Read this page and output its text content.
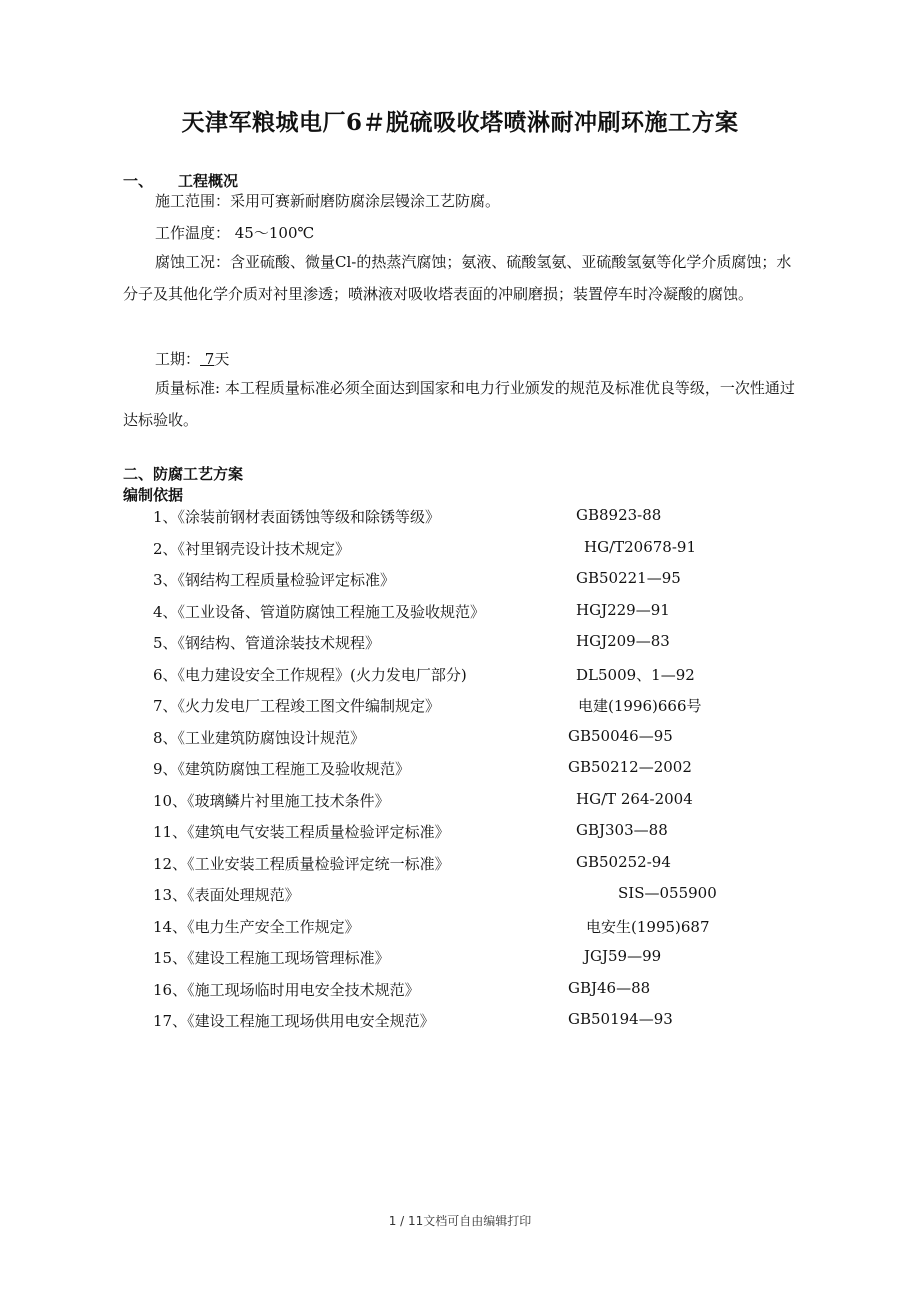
天津军粮城电厂6＃脱硫吸收塔喷淋耐冲刷环施工方案
一、 工程概况
施工范围：采用可赛新耐磨防腐涂层镘涂工艺防腐。
工作温度： 45～100℃
腐蚀工况：含亚硫酸、微量Cl-的热蒸汽腐蚀；氨液、硫酸氢氨、亚硫酸氢氨等化学介质腐蚀；水分子及其他化学介质对衬里渗透；喷淋液对吸收塔表面的冲刷磨损；装置停车时冷凝酸的腐蚀。
工期： 7天
质量标准: 本工程质量标准必须全面达到国家和电力行业颁发的规范及标准优良等级，一次性通过达标验收。
二、防腐工艺方案
编制依据
1、《涂装前钢材表面锈蚀等级和除锈等级》	GB8923-88
2、《衬里钢壳设计技术规定》	HG/T20678-91
3、《钢结构工程质量检验评定标准》	GB50221—95
4、《工业设备、管道防腐蚀工程施工及验收规范》	HGJ229—91
5、《钢结构、管道涂装技术规程》	HGJ209—83
6、《电力建设安全工作规程》(火力发电厂部分)	DL5009、1—92
7、《火力发电厂工程竣工图文件编制规定》	电建(1996)666号
8、《工业建筑防腐蚀设计规范》	GB50046—95
9、《建筑防腐蚀工程施工及验收规范》	GB50212—2002
10、《玻璃鳞片衬里施工技术条件》	HG/T 264-2004
11、《建筑电气安装工程质量检验评定标准》	GBJ303—88
12、《工业安装工程质量检验评定统一标准》	GB50252-94
13、《表面处理规范》	SIS—055900
14、《电力生产安全工作规定》	电安生(1995)687
15、《建设工程施工现场管理标准》	JGJ59—99
16、《施工现场临时用电安全技术规范》	GBJ46—88
17、《建设工程施工现场供用电安全规范》	GB50194—93
1 / 11文档可自由编辑打印
